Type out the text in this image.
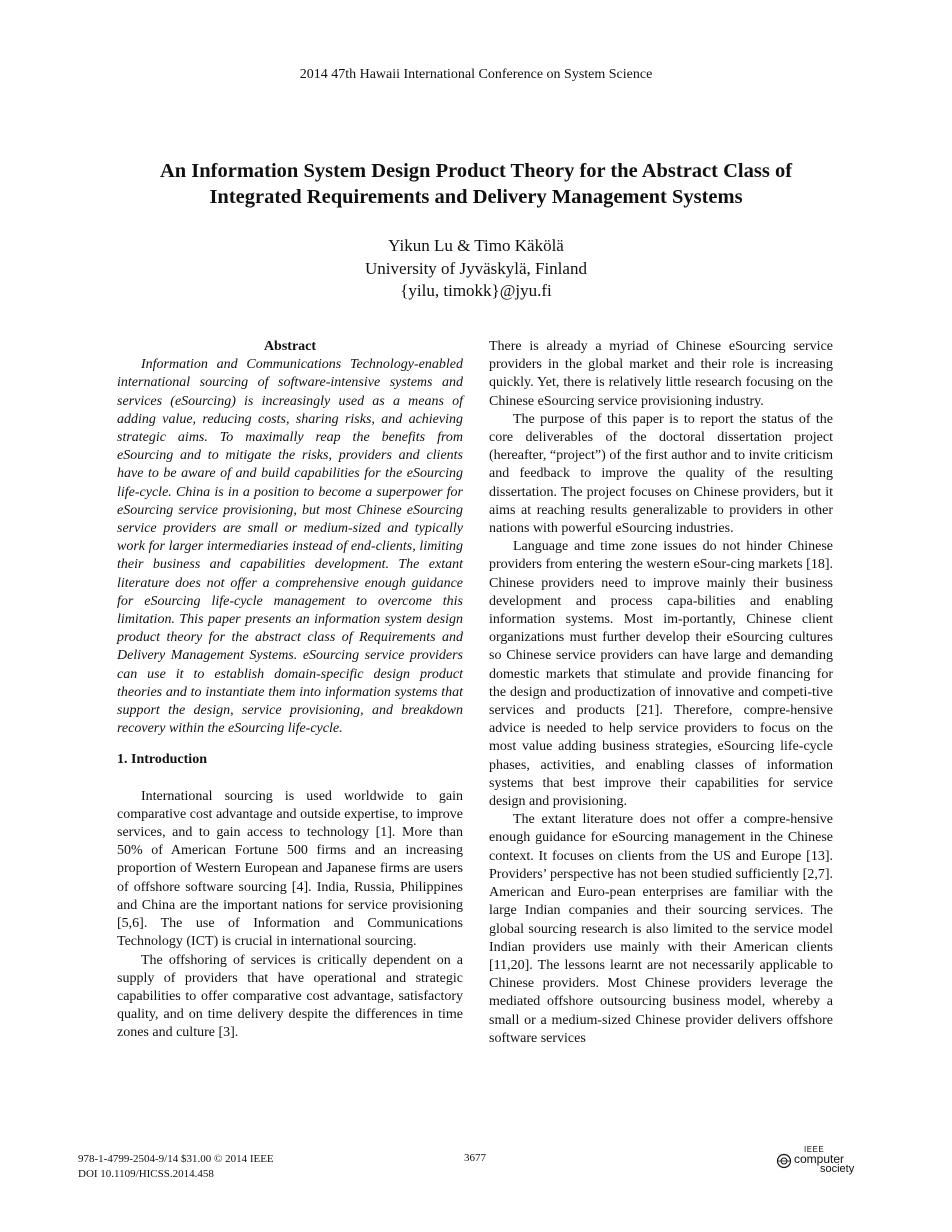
2014 47th Hawaii International Conference on System Science
An Information System Design Product Theory for the Abstract Class of
Integrated Requirements and Delivery Management Systems
Yikun Lu & Timo Käkölä
University of Jyväskylä, Finland
{yilu, timokk}@jyu.fi
Abstract

Information and Communications Technology-enabled international sourcing of software-intensive systems and services (eSourcing) is increasingly used as a means of adding value, reducing costs, sharing risks, and achieving strategic aims. To maximally reap the benefits from eSourcing and to mitigate the risks, providers and clients have to be aware of and build capabilities for the eSourcing life-cycle. China is in a position to become a superpower for eSourcing service provisioning, but most Chinese eSourcing service providers are small or medium-sized and typically work for larger intermediaries instead of end-clients, limiting their business and capabilities development. The extant literature does not offer a comprehensive enough guidance for eSourcing life-cycle management to overcome this limitation. This paper presents an information system design product theory for the abstract class of Requirements and Delivery Management Systems. eSourcing service providers can use it to establish domain-specific design product theories and to instantiate them into information systems that support the design, service provisioning, and breakdown recovery within the eSourcing life-cycle.

1. Introduction

International sourcing is used worldwide to gain comparative cost advantage and outside expertise, to improve services, and to gain access to technology [1]. More than 50% of American Fortune 500 firms and an increasing proportion of Western European and Japanese firms are users of offshore software sourcing [4]. India, Russia, Philippines and China are the important nations for service provisioning [5,6]. The use of Information and Communications Technology (ICT) is crucial in international sourcing.

The offshoring of services is critically dependent on a supply of providers that have operational and strategic capabilities to offer comparative cost advantage, satisfactory quality, and on time delivery despite the differences in time zones and culture [3].

There is already a myriad of Chinese eSourcing service providers in the global market and their role is increasing quickly. Yet, there is relatively little research focusing on the Chinese eSourcing service provisioning industry.

The purpose of this paper is to report the status of the core deliverables of the doctoral dissertation project (hereafter, “project”) of the first author and to invite criticism and feedback to improve the quality of the resulting dissertation. The project focuses on Chinese providers, but it aims at reaching results generalizable to providers in other nations with powerful eSourcing industries.

Language and time zone issues do not hinder Chinese providers from entering the western eSour-cing markets [18]. Chinese providers need to improve mainly their business development and process capa-bilities and enabling information systems. Most im-portantly, Chinese client organizations must further develop their eSourcing cultures so Chinese service providers can have large and demanding domestic markets that stimulate and provide financing for the design and productization of innovative and competi-tive services and products [21]. Therefore, compre-hensive advice is needed to help service providers to focus on the most value adding business strategies, eSourcing life-cycle phases, activities, and enabling classes of information systems that best improve their capabilities for service design and provisioning.

The extant literature does not offer a compre-hensive enough guidance for eSourcing management in the Chinese context. It focuses on clients from the US and Europe [13]. Providers’ perspective has not been studied sufficiently [2,7]. American and Euro-pean enterprises are familiar with the large Indian companies and their sourcing services. The global sourcing research is also limited to the service model Indian providers use mainly with their American clients [11,20]. The lessons learnt are not necessarily applicable to Chinese providers. Most Chinese providers leverage the mediated offshore outsourcing business model, whereby a small or a medium-sized Chinese provider delivers offshore software services

978-1-4799-2504-9/14 $31.00 © 2014 IEEE
DOI 10.1109/HICSS.2014.458
3677
IEEE
computer
society
